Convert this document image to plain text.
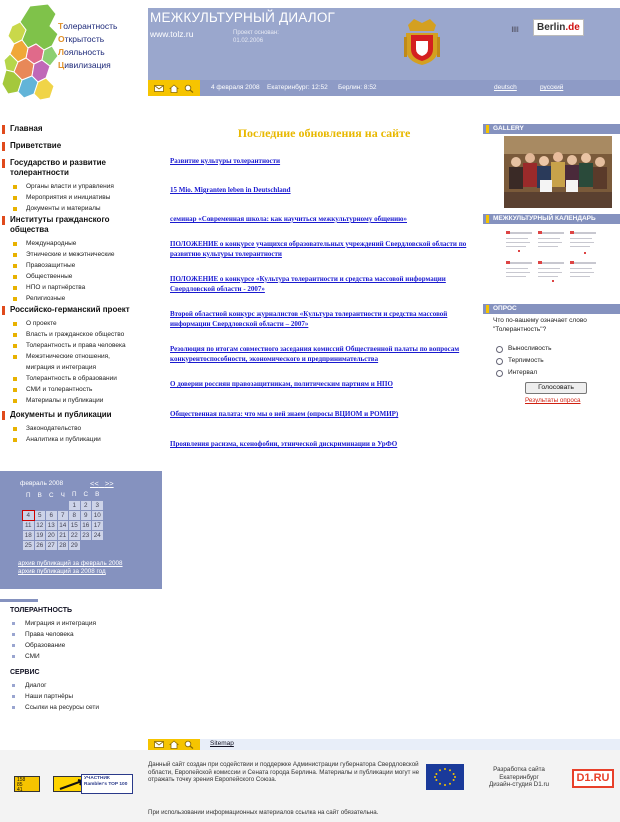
Толерантность
Открытость
Лояльность
Цивилизация
МЕЖКУЛЬТУРНЫЙ ДИАЛОГ
www.tolz.ru	Проект основан:
01.02.2006
ıııı	Berlin.de
4 февраля 2008 Екатеринбург: 12:52 Берлин: 8:52	deutsch	русский
Главная
Приветствие
Государство и развитие толерантности
Органы власти и управления
Мероприятия и инициативы
Документы и материалы
Институты гражданского общества
Международные
Этнические и межэтнические
Правозащитные
Общественные
НПО и партнёрства
Религиозные
Российско-германский проект
О проекте
Власть и гражданское общество
Толерантность и права человека
Межэтнические отношения, миграция и интеграция
Толерантность в образовании
СМИ и толерантность
Материалы и публикации
Документы и публикации
Законодательство
Аналитика и публикации
февраль 2008	<< >>
П	В	С	Ч	П	С	В
				1	2	3
4	5	6	7	8	9	10
11	12	13	14	15	16	17
18	19	20	21	22	23	24
25	26	27	28	29		
архив публикаций за февраль 2008
архив публикаций за 2008 год
ТОЛЕРАНТНОСТЬ
Миграция и интеграция
Права человека
Образование
СМИ
СЕРВИС
Диалог
Наши партнёры
Ссылки на ресурсы сети
Последние обновления на сайте
Развитие культуры толерантности
15 Mio. Migranten leben in Deutschland
семинар «Современная школа: как научиться межкультурному общению»
ПОЛОЖЕНИЕ о конкурсе учащихся образовательных учреждений Свердловской области по развитию культуры толерантности
ПОЛОЖЕНИЕ о конкурсе «Культура толерантности и средства массовой информации Свердловской области - 2007»
Второй областной конкурс журналистов «Культура толерантности и средства массовой информации Свердловской области – 2007»
Резолюция по итогам совместного заседания комиссий Общественной палаты по вопросам конкурентоспособности, экономического и предпринимательства
О доверии россиян правозащитникам, политическим партиям и НПО
Общественная палата: что мы о ней знаем (опросы ВЦИОМ и РОМИР)
Проявления расизма, ксенофобии, этнической дискриминации в УрФО
GALLERY
МЕЖКУЛЬТУРНЫЙ КАЛЕНДАРЬ
ОПРОС
Что по-вашему означает слово "Толерантность"?
Выносливость
Терпимость
Интервал
Голосовать
Результаты опроса
Sitemap
158 85 41
УЧАСТНИК Rambler's TOP 100
Данный сайт создан при содействии и поддержке Администрации губернатора Свердловской области, Европейской комиссии и Сената города Берлина. Материалы и публикации могут не отражать точку зрения Европейского Союза.
При использовании информационных материалов ссылка на сайт обязательна.
Разработка сайта
Екатеринбург
Дизайн-студия D1.ru
D1.RU
